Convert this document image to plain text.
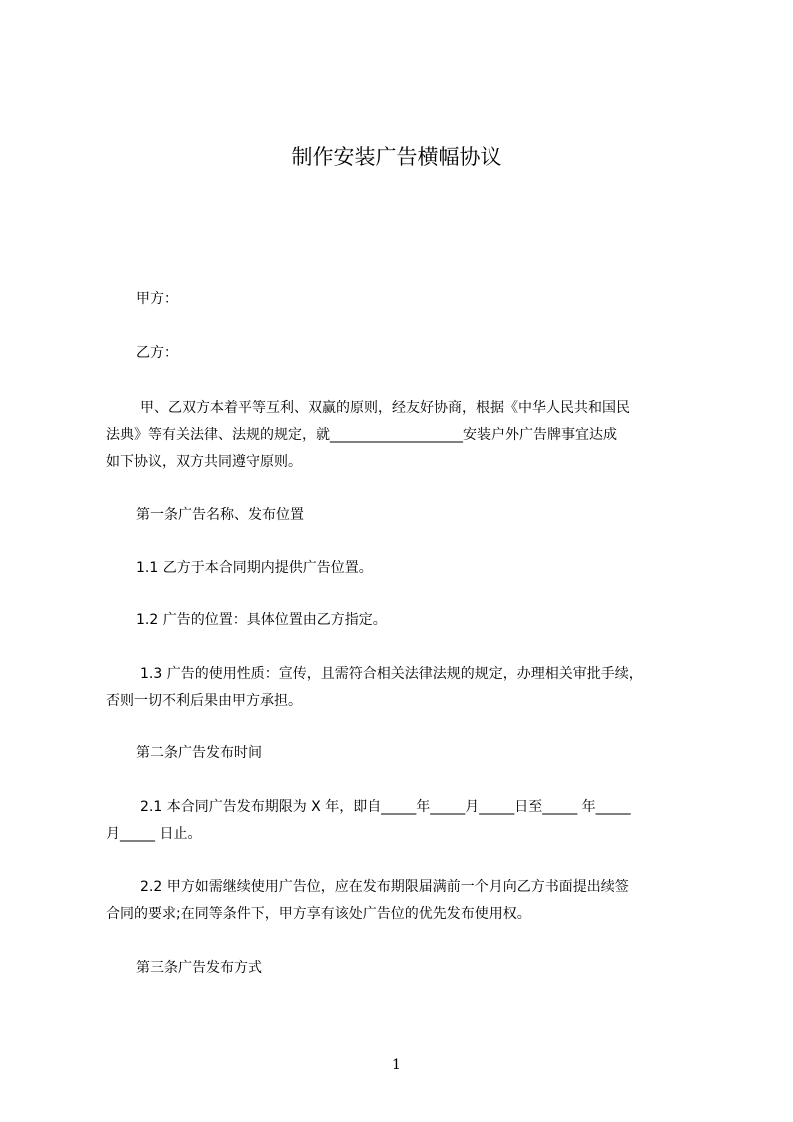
制作安装广告横幅协议

甲方：

乙方：

甲、乙双方本着平等互利、双赢的原则，经友好协商，根据《中华人民共和国民
法典》等有关法律、法规的规定，就___________________安装户外广告牌事宜达成
如下协议，双方共同遵守原则。

第一条广告名称、发布位置

1.1 乙方于本合同期内提供广告位置。

1.2 广告的位置：具体位置由乙方指定。

1.3 广告的使用性质：宣传，且需符合相关法律法规的规定，办理相关审批手续，
否则一切不利后果由甲方承担。

第二条广告发布时间

2.1 本合同广告发布期限为 X 年，即自_____年_____月_____日至_____ 年_____
月_____ 日止。

2.2 甲方如需继续使用广告位，应在发布期限届满前一个月向乙方书面提出续签
合同的要求;在同等条件下，甲方享有该处广告位的优先发布使用权。

第三条广告发布方式

1
